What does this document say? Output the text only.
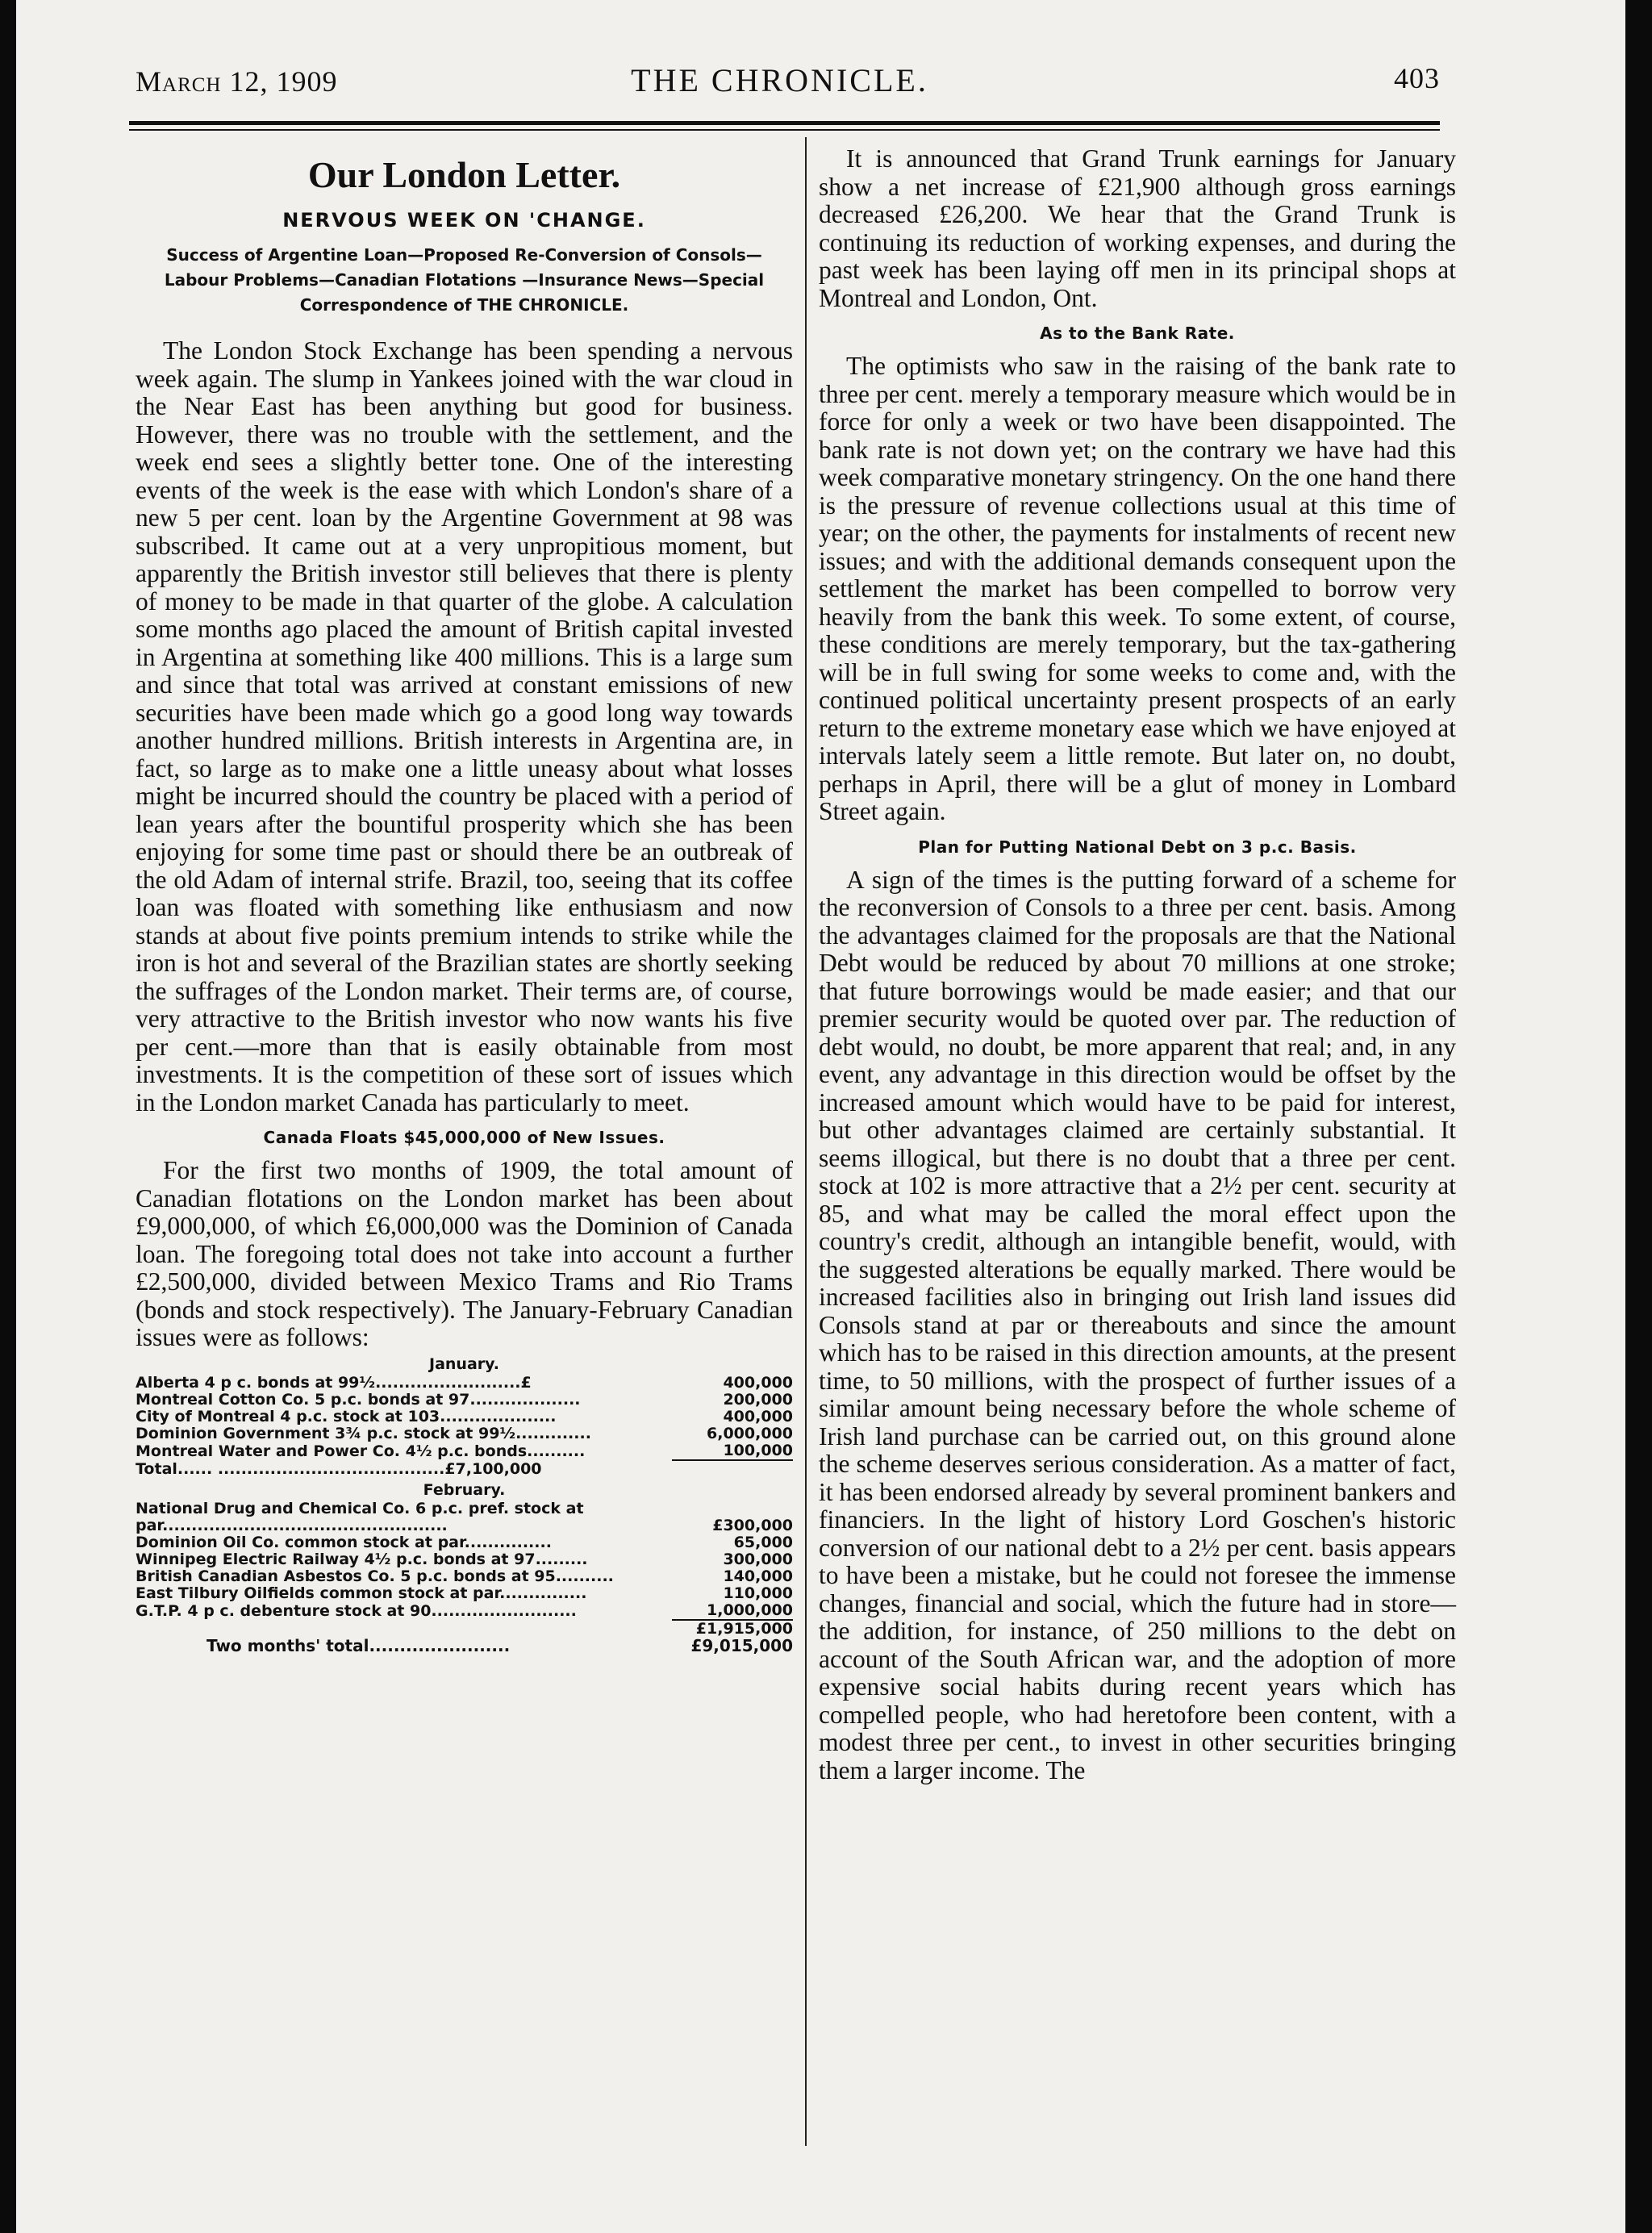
March 12, 1909	THE CHRONICLE.	403
Our London Letter.
NERVOUS WEEK ON 'CHANGE.
Success of Argentine Loan—Proposed Re-Conversion of Consols—Labour Problems—Canadian Flotations —Insurance News—Special Correspondence of THE CHRONICLE.

The London Stock Exchange has been spending a nervous week again. The slump in Yankees joined with the war cloud in the Near East has been anything but good for business. However, there was no trouble with the settlement, and the week end sees a slightly better tone. One of the interesting events of the week is the ease with which London's share of a new 5 per cent. loan by the Argentine Government at 98 was subscribed. It came out at a very unpropitious moment, but apparently the British investor still believes that there is plenty of money to be made in that quarter of the globe. A calculation some months ago placed the amount of British capital invested in Argentina at something like 400 millions. This is a large sum and since that total was arrived at constant emissions of new securities have been made which go a good long way towards another hundred millions. British interests in Argentina are, in fact, so large as to make one a little uneasy about what losses might be incurred should the country be placed with a period of lean years after the bountiful prosperity which she has been enjoying for some time past or should there be an outbreak of the old Adam of internal strife. Brazil, too, seeing that its coffee loan was floated with something like enthusiasm and now stands at about five points premium intends to strike while the iron is hot and several of the Brazilian states are shortly seeking the suffrages of the London market. Their terms are, of course, very attractive to the British investor who now wants his five per cent.—more than that is easily obtainable from most investments. It is the competition of these sort of issues which in the London market Canada has particularly to meet.

Canada Floats $45,000,000 of New Issues.

For the first two months of 1909, the total amount of Canadian flotations on the London market has been about £9,000,000, of which £6,000,000 was the Dominion of Canada loan. The foregoing total does not take into account a further £2,500,000, divided between Mexico Trams and Rio Trams (bonds and stock respectively). The January-February Canadian issues were as follows:

January.
Alberta 4 p c. bonds at 99½.........................£	400,000
Montreal Cotton Co. 5 p.c. bonds at 97...................	200,000
City of Montreal 4 p.c. stock at 103....................	400,000
Dominion Government 3¾ p.c. stock at 99½.............	6,000,000
Montreal Water and Power Co. 4½ p.c. bonds..........	100,000
Total...... .......................................£7,100,000	
February.
National Drug and Chemical Co. 6 p.c. pref. stock at	
par.................................................	£300,000
Dominion Oil Co. common stock at par...............	65,000
Winnipeg Electric Railway 4½ p.c. bonds at 97.........	300,000
British Canadian Asbestos Co. 5 p.c. bonds at 95..........	140,000
East Tilbury Oilfields common stock at par...............	110,000
G.T.P. 4 p c. debenture stock at 90.........................	1,000,000
	£1,915,000
Two months' total.......................	£9,015,000

It is announced that Grand Trunk earnings for January show a net increase of £21,900 although gross earnings decreased £26,200. We hear that the Grand Trunk is continuing its reduction of working expenses, and during the past week has been laying off men in its principal shops at Montreal and London, Ont.

As to the Bank Rate.

The optimists who saw in the raising of the bank rate to three per cent. merely a temporary measure which would be in force for only a week or two have been disappointed. The bank rate is not down yet; on the contrary we have had this week comparative monetary stringency. On the one hand there is the pressure of revenue collections usual at this time of year; on the other, the payments for instalments of recent new issues; and with the additional demands consequent upon the settlement the market has been compelled to borrow very heavily from the bank this week. To some extent, of course, these conditions are merely temporary, but the tax-gathering will be in full swing for some weeks to come and, with the continued political uncertainty present prospects of an early return to the extreme monetary ease which we have enjoyed at intervals lately seem a little remote. But later on, no doubt, perhaps in April, there will be a glut of money in Lombard Street again.

Plan for Putting National Debt on 3 p.c. Basis.

A sign of the times is the putting forward of a scheme for the reconversion of Consols to a three per cent. basis. Among the advantages claimed for the proposals are that the National Debt would be reduced by about 70 millions at one stroke; that future borrowings would be made easier; and that our premier security would be quoted over par. The reduction of debt would, no doubt, be more apparent that real; and, in any event, any advantage in this direction would be offset by the increased amount which would have to be paid for interest, but other advantages claimed are certainly substantial. It seems illogical, but there is no doubt that a three per cent. stock at 102 is more attractive that a 2½ per cent. security at 85, and what may be called the moral effect upon the country's credit, although an intangible benefit, would, with the suggested alterations be equally marked. There would be increased facilities also in bringing out Irish land issues did Consols stand at par or thereabouts and since the amount which has to be raised in this direction amounts, at the present time, to 50 millions, with the prospect of further issues of a similar amount being necessary before the whole scheme of Irish land purchase can be carried out, on this ground alone the scheme deserves serious consideration. As a matter of fact, it has been endorsed already by several prominent bankers and financiers. In the light of history Lord Goschen's historic conversion of our national debt to a 2½ per cent. basis appears to have been a mistake, but he could not foresee the immense changes, financial and social, which the future had in store—the addition, for instance, of 250 millions to the debt on account of the South African war, and the adoption of more expensive social habits during recent years which has compelled people, who had heretofore been content, with a modest three per cent., to invest in other securities bringing them a larger income. The
